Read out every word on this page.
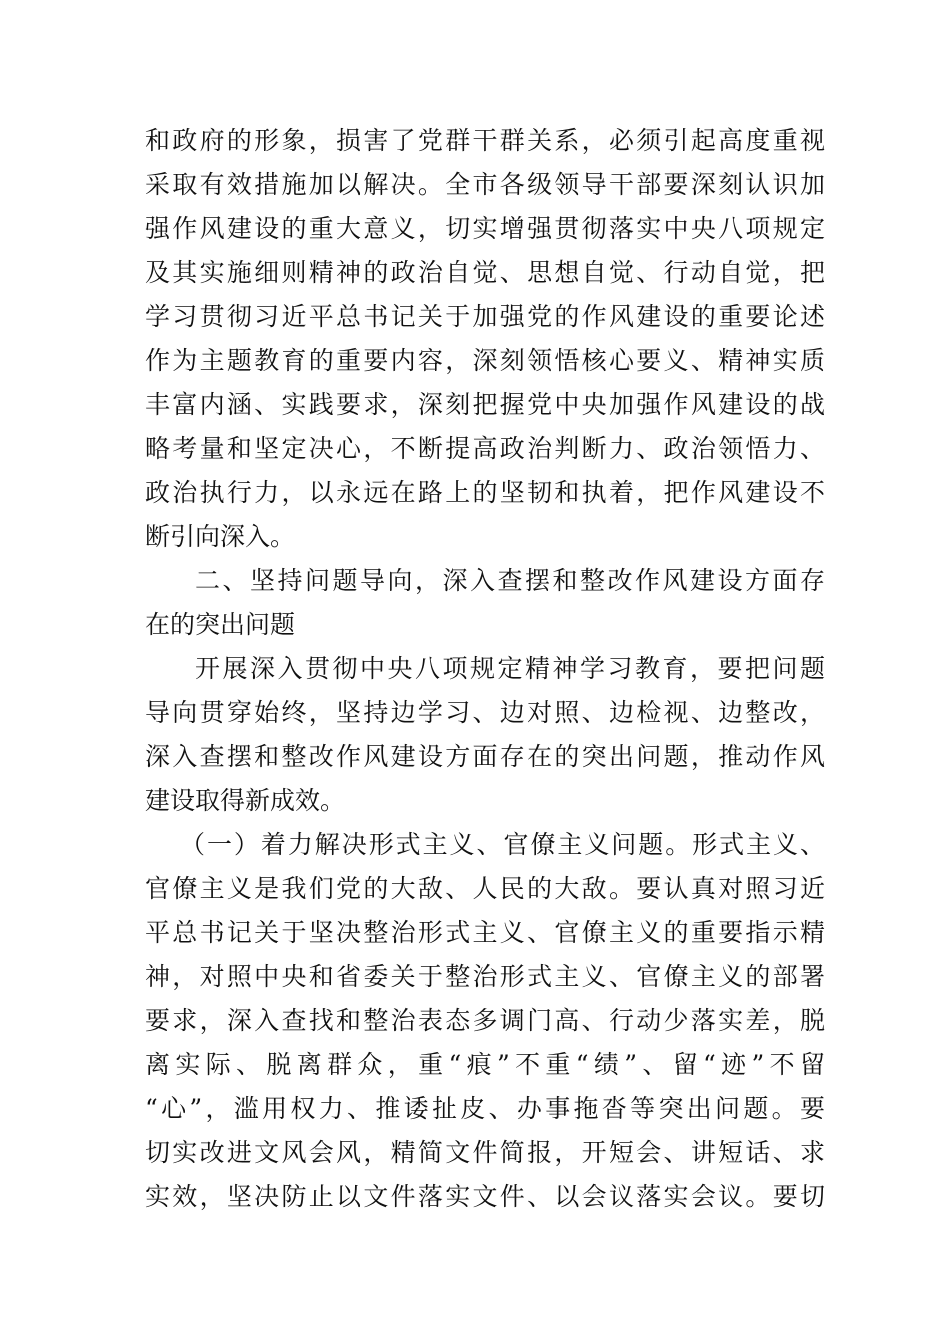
和政府的形象，损害了党群干群关系，必须引起高度重视

采取有效措施加以解决。全市各级领导干部要深刻认识加

强作风建设的重大意义，切实增强贯彻落实中央八项规定

及其实施细则精神的政治自觉、思想自觉、行动自觉，把

学习贯彻习近平总书记关于加强党的作风建设的重要论述

作为主题教育的重要内容，深刻领悟核心要义、精神实质

丰富内涵、实践要求，深刻把握党中央加强作风建设的战

略考量和坚定决心，不断提高政治判断力、政治领悟力、

政治执行力，以永远在路上的坚韧和执着，把作风建设不

断引向深入。

二、坚持问题导向，深入查摆和整改作风建设方面存

在的突出问题

开展深入贯彻中央八项规定精神学习教育，要把问题

导向贯穿始终，坚持边学习、边对照、边检视、边整改，

深入查摆和整改作风建设方面存在的突出问题，推动作风

建设取得新成效。

（一）着力解决形式主义、官僚主义问题。形式主义、

官僚主义是我们党的大敌、人民的大敌。要认真对照习近

平总书记关于坚决整治形式主义、官僚主义的重要指示精

神，对照中央和省委关于整治形式主义、官僚主义的部署

要求，深入查找和整治表态多调门高、行动少落实差，脱

离实际、脱离群众，重“痕”不重“绩”、留“迹”不留

“心”，滥用权力、推诿扯皮、办事拖沓等突出问题。要

切实改进文风会风，精简文件简报，开短会、讲短话、求

实效，坚决防止以文件落实文件、以会议落实会议。要切
